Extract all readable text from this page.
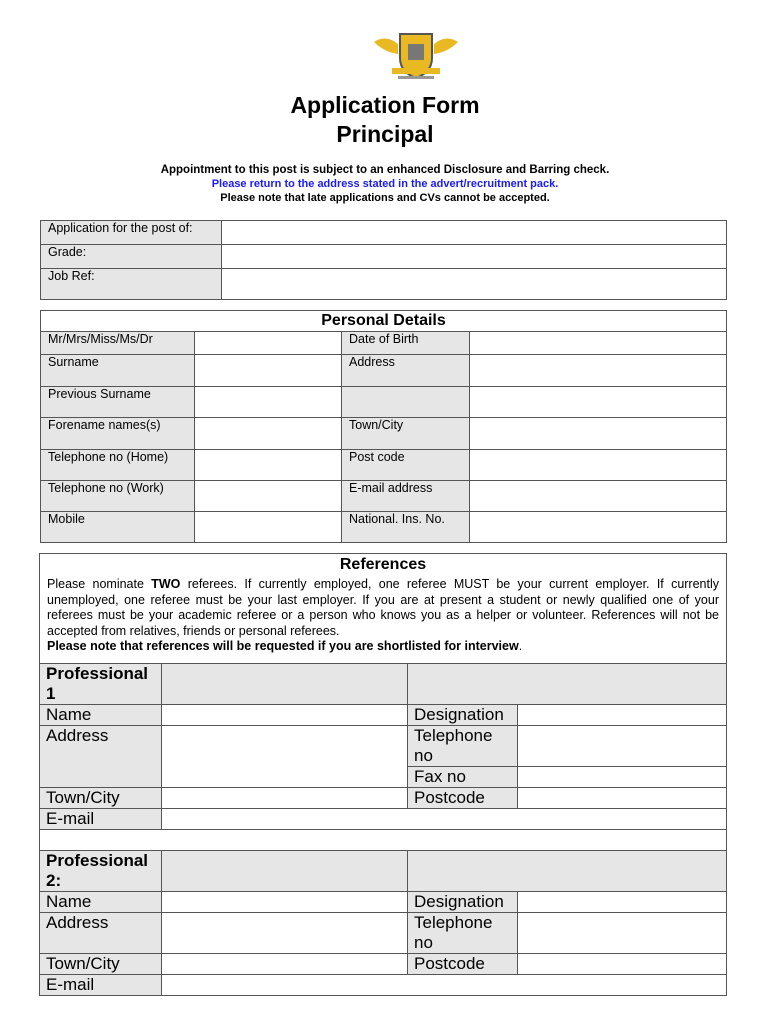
Application Form
Principal
Appointment to this post is subject to an enhanced Disclosure and Barring check.
Please return to the address stated in the advert/recruitment pack.
Please note that late applications and CVs cannot be accepted.
Application for the post of:	
Grade:	
Job Ref:	
Personal Details			
Mr/Mrs/Miss/Ms/Dr		Date of Birth	
Surname		Address	
Previous Surname			
Forename names(s)		Town/City	
Telephone no (Home)		Post code	
Telephone no (Work)		E-mail address	
Mobile		National. Ins. No.	
References
Please nominate TWO referees. If currently employed, one referee MUST be your current employer. If currently unemployed, one referee must be your last employer. If you are at present a student or newly qualified one of your referees must be your academic referee or a person who knows you as a helper or volunteer. References will not be accepted from relatives, friends or personal referees.
Please note that references will be requested if you are shortlisted for interview.			

Professional 1			
Name		Designation	
Address		Telephone no	
		Fax no	
Town/City		Postcode	
E-mail			

Professional 2:			
Name		Designation	
Address		Telephone no	
Town/City		Postcode	
E-mail			
